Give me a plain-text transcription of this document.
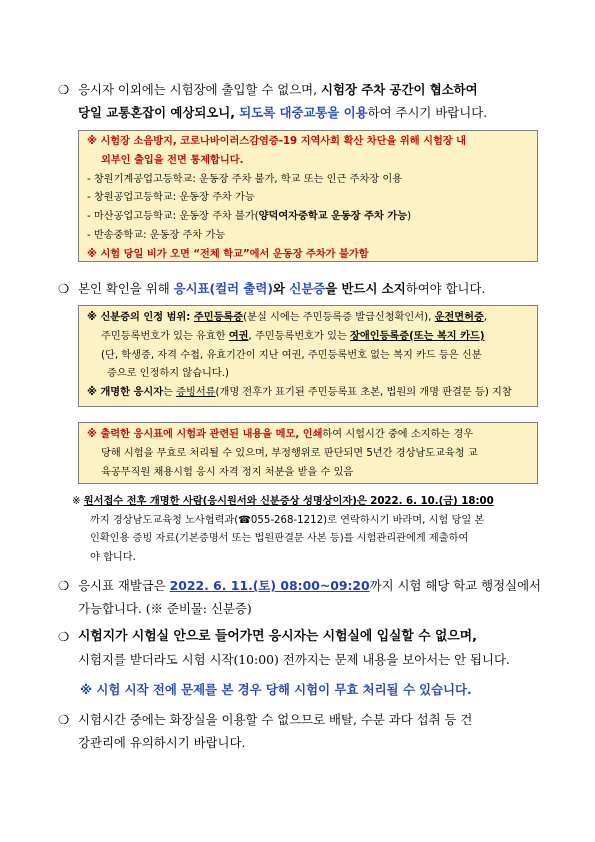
❍ 응시자 이외에는 시험장에 출입할 수 없으며, 시험장 주차 공간이 협소하여
당일 교통혼잡이 예상되오니, 되도록 대중교통을 이용하여 주시기 바랍니다.
※ 시험장 소음방지, 코로나바이러스감염증-19 지역사회 확산 차단을 위해 시험장 내
외부인 출입을 전면 통제합니다.
- 창원기계공업고등학교: 운동장 주차 불가, 학교 또는 인근 주차장 이용
- 창원공업고등학교: 운동장 주차 가능
- 마산공업고등학교: 운동장 주차 불가(양덕여자중학교 운동장 주차 가능)
- 반송중학교: 운동장 주차 가능
※ 시험 당일 비가 오면 “전체 학교”에서 운동장 주차가 불가함
❍ 본인 확인을 위해 응시표(컬러 출력)와 신분증을 반드시 소지하여야 합니다.
※ 신분증의 인정 범위: 주민등록증(분실 시에는 주민등록증 발급신청확인서), 운전면허증,
주민등록번호가 있는 유효한 여권, 주민등록번호가 있는 장애인등록증(또는 복지 카드)
(단, 학생증, 자격 수첩, 유효기간이 지난 여권, 주민등록번호 없는 복지 카드 등은 신분
증으로 인정하지 않습니다.)
※ 개명한 응시자는 증빙서류(개명 전후가 표기된 주민등록표 초본, 법원의 개명 판결문 등) 지참
※ 출력한 응시표에 시험과 관련된 내용을 메모, 인쇄하여 시험시간 중에 소지하는 경우
당해 시험을 무효로 처리될 수 있으며, 부정행위로 판단되면 5년간 경상남도교육청 교
육공무직원 채용시험 응시 자격 정지 처분을 받을 수 있음
※ 원서접수 전후 개명한 사람(응시원서와 신분증상 성명상이자)은 2022. 6. 10.(금) 18:00
까지 경상남도교육청 노사협력과(☎055-268-1212)로 연락하시기 바라며, 시험 당일 본
인확인용 증빙 자료(기본증명서 또는 법원판결문 사본 등)를 시험관리관에게 제출하여
야 합니다.
❍ 응시표 재발급은 2022. 6. 11.(토) 08:00~09:20까지 시험 해당 학교 행정실에서
가능합니다. (※ 준비물: 신분증)
❍ 시험지가 시험실 안으로 들어가면 응시자는 시험실에 입실할 수 없으며,
시험지를 받더라도 시험 시작(10:00) 전까지는 문제 내용을 보아서는 안 됩니다.
※ 시험 시작 전에 문제를 본 경우 당해 시험이 무효 처리될 수 있습니다.
❍ 시험시간 중에는 화장실을 이용할 수 없으므로 배탈, 수분 과다 섭취 등 건
강관리에 유의하시기 바랍니다.
